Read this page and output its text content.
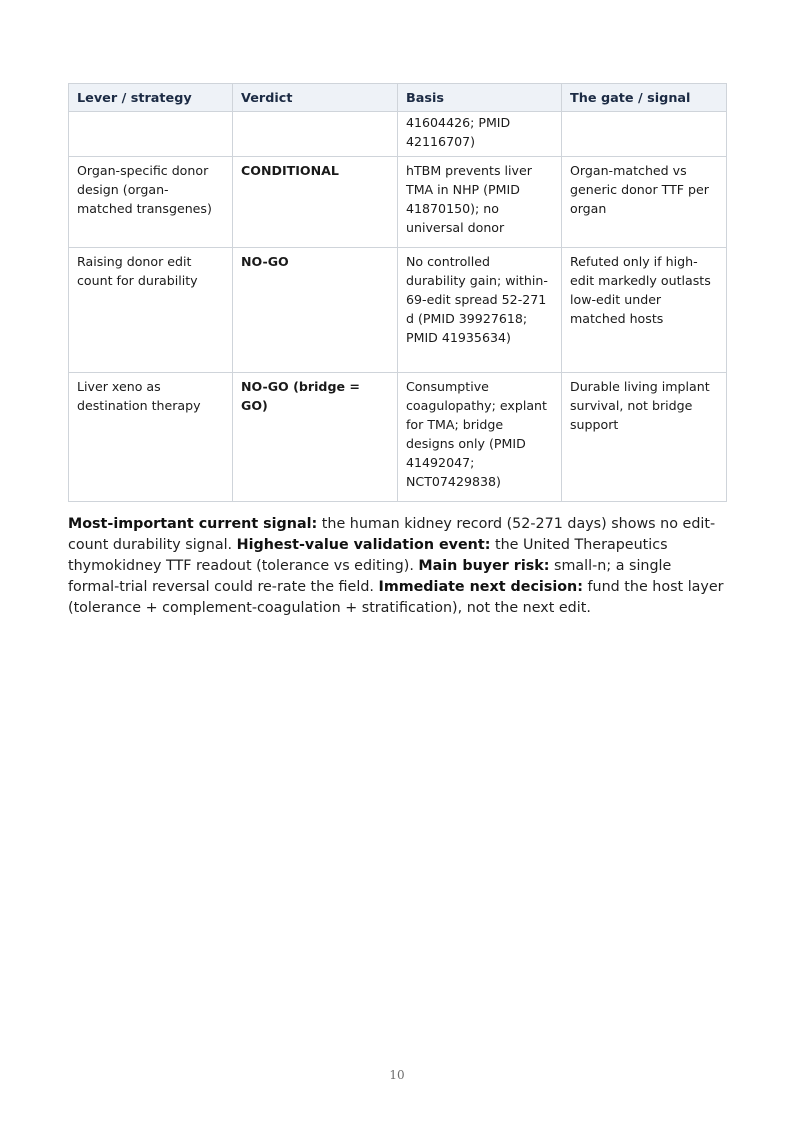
Lever / strategy	Verdict	Basis	The gate / signal
		41604426; PMID 42116707)	
Organ-specific donor design (organ-matched transgenes)	CONDITIONAL	hTBM prevents liver TMA in NHP (PMID 41870150); no universal donor	Organ-matched vs generic donor TTF per organ
Raising donor edit count for durability	NO-GO	No controlled durability gain; within-69-edit spread 52-271 d (PMID 39927618; PMID 41935634)	Refuted only if high-edit markedly outlasts low-edit under matched hosts
Liver xeno as destination therapy	NO-GO (bridge = GO)	Consumptive coagulopathy; explant for TMA; bridge designs only (PMID 41492047; NCT07429838)	Durable living implant survival, not bridge support

Most-important current signal: the human kidney record (52-271 days) shows no edit-count durability signal. Highest-value validation event: the United Therapeutics thymokidney TTF readout (tolerance vs editing). Main buyer risk: small-n; a single formal-trial reversal could re-rate the field. Immediate next decision: fund the host layer (tolerance + complement-coagulation + stratification), not the next edit.

10
